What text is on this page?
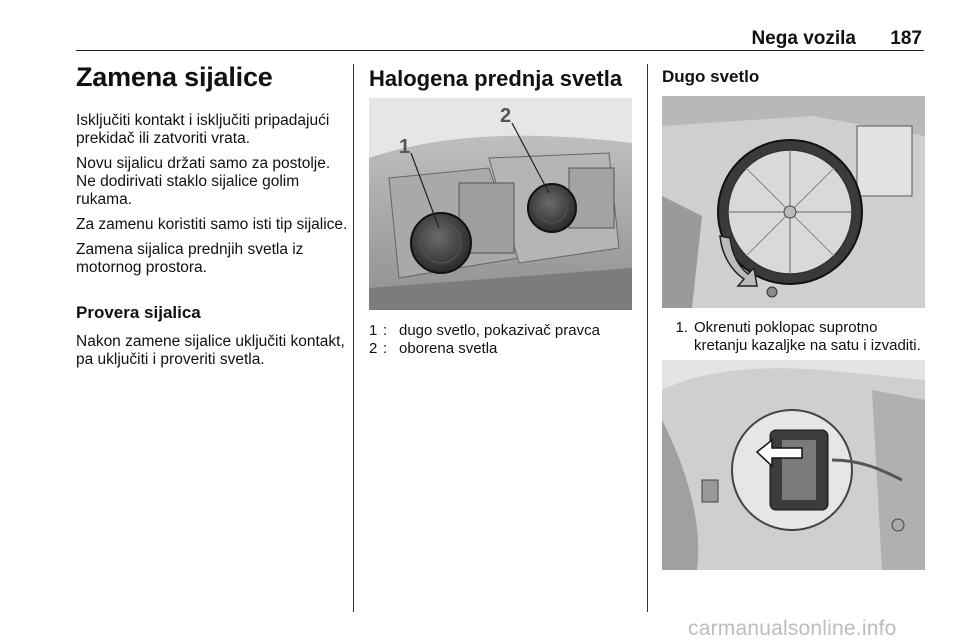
Nega vozila 187
Zamena sijalice

Isključiti kontakt i isključiti pripadajući prekidač ili zatvoriti vrata.

Novu sijalicu držati samo za postolje. Ne dodirivati staklo sijalice golim rukama.

Za zamenu koristiti samo isti tip sijalice.

Zamena sijalica prednjih svetla iz motornog prostora.

Provera sijalica

Nakon zamene sijalice uključiti kontakt, pa uključiti i proveriti svetla.

Halogena prednja svetla
1
2
1 : dugo svetlo, pokazivač pravca
2 : oborena svetla
Dugo svetlo
1. Okrenuti poklopac suprotno kretanju kazaljke na satu i izvaditi.
carmanualsonline.info
